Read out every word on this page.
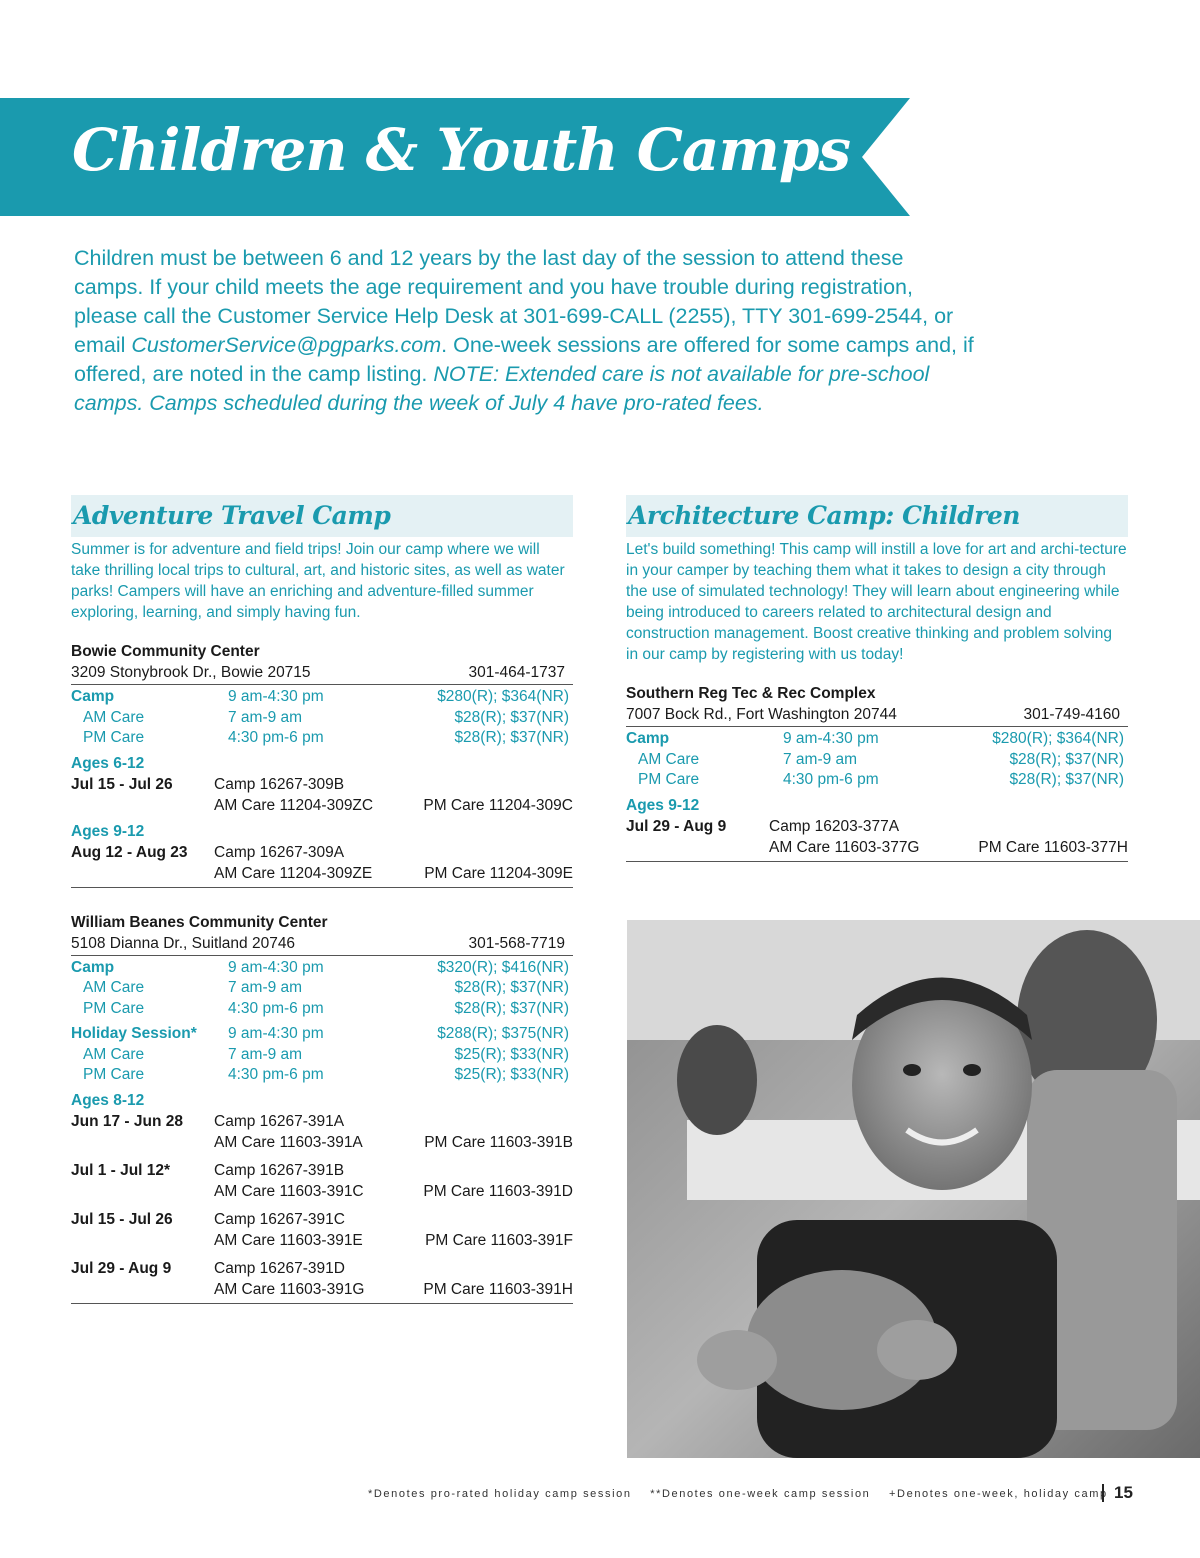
Children & Youth Camps
Children must be between 6 and 12 years by the last day of the session to attend these camps. If your child meets the age requirement and you have trouble during registration, please call the Customer Service Help Desk at 301-699-CALL (2255), TTY 301-699-2544, or email CustomerService@pgparks.com. One-week sessions are offered for some camps and, if offered, are noted in the camp listing. NOTE: Extended care is not available for pre-school camps. Camps scheduled during the week of July 4 have pro-rated fees.
Adventure Travel Camp

Summer is for adventure and field trips! Join our camp where we will take thrilling local trips to cultural, art, and historic sites, as well as water parks! Campers will have an enriching and adventure-filled summer exploring, learning, and simply having fun.

Bowie Community Center
3209 Stonybrook Dr., Bowie 20715	301-464-1737
Camp	9 am-4:30 pm	$280(R); $364(NR)
AM Care	7 am-9 am	$28(R); $37(NR)
PM Care	4:30 pm-6 pm	$28(R); $37(NR)
Ages 6-12
Jul 15 - Jul 26	Camp 16267-309B
AM Care 11204-309ZC	PM Care 11204-309C
Ages 9-12
Aug 12 - Aug 23	Camp 16267-309A
AM Care 11204-309ZE	PM Care 11204-309E
William Beanes Community Center
5108 Dianna Dr., Suitland 20746	301-568-7719
Camp	9 am-4:30 pm	$320(R); $416(NR)
AM Care	7 am-9 am	$28(R); $37(NR)
PM Care	4:30 pm-6 pm	$28(R); $37(NR)

Holiday Session*	9 am-4:30 pm	$288(R); $375(NR)
AM Care	7 am-9 am	$25(R); $33(NR)
PM Care	4:30 pm-6 pm	$25(R); $33(NR)
Ages 8-12
Jun 17 - Jun 28	Camp 16267-391A
AM Care 11603-391A	PM Care 11603-391B
Jul 1 - Jul 12*	Camp 16267-391B
AM Care 11603-391C	PM Care 11603-391D
Jul 15 - Jul 26	Camp 16267-391C
AM Care 11603-391E	PM Care 11603-391F
Jul 29 - Aug 9	Camp 16267-391D
AM Care 11603-391G	PM Care 11603-391H
Architecture Camp: Children

Let's build something! This camp will instill a love for art and archi-tecture in your camper by teaching them what it takes to design a city through the use of simulated technology! They will learn about engineering while being introduced to careers related to architectural design and construction management. Boost creative thinking and problem solving in our camp by registering with us today!

Southern Reg Tec & Rec Complex
7007 Bock Rd., Fort Washington 20744	301-749-4160
Camp	9 am-4:30 pm	$280(R); $364(NR)
AM Care	7 am-9 am	$28(R); $37(NR)
PM Care	4:30 pm-6 pm	$28(R); $37(NR)
Ages 9-12
Jul 29 - Aug 9	Camp 16203-377A
AM Care 11603-377G	PM Care 11603-377H
*Denotes pro-rated holiday camp session **Denotes one-week camp session +Denotes one-week, holiday camp 15
